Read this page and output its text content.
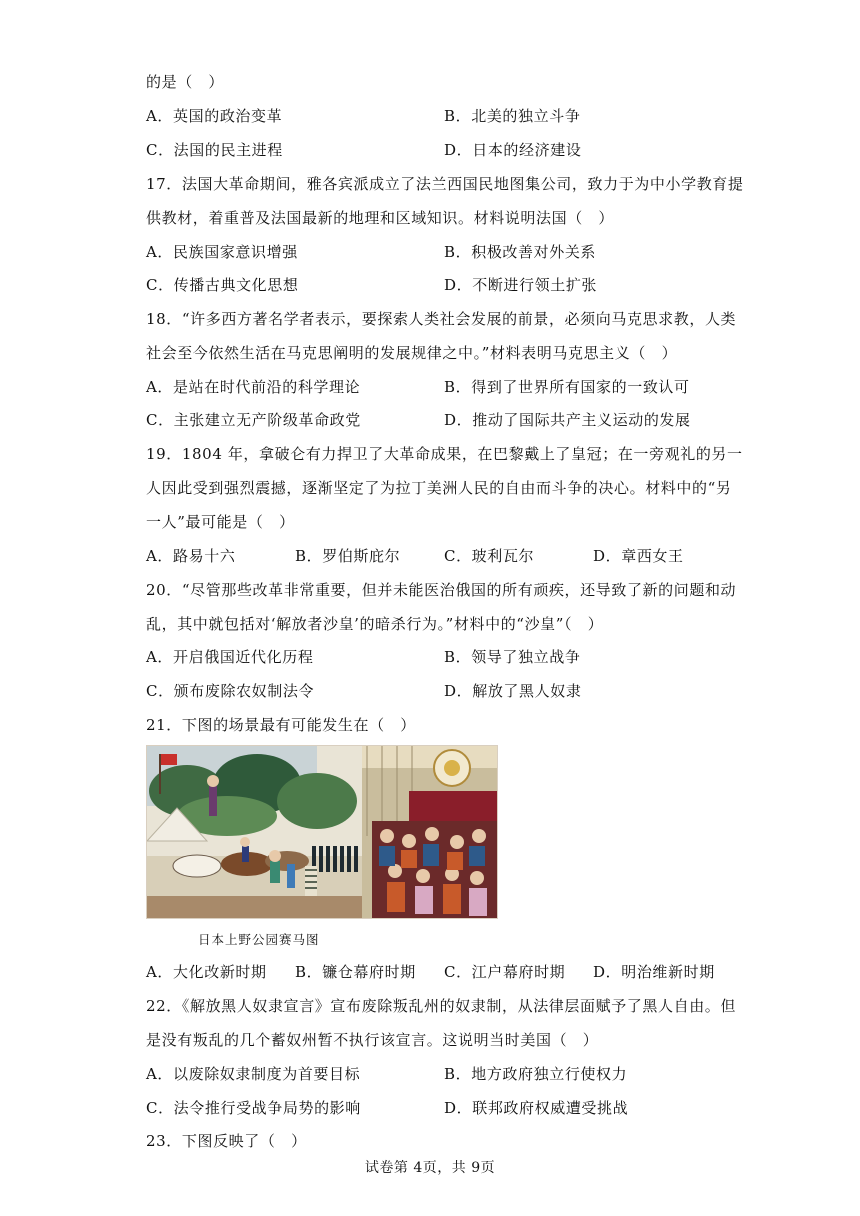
的是（　）
A．英国的政治变革	B．北美的独立斗争
C．法国的民主进程	D．日本的经济建设
17．法国大革命期间，雅各宾派成立了法兰西国民地图集公司，致力于为中小学教育提
供教材，着重普及法国最新的地理和区域知识。材料说明法国（　）
A．民族国家意识增强	B．积极改善对外关系
C．传播古典文化思想	D．不断进行领土扩张
18．“许多西方著名学者表示，要探索人类社会发展的前景，必须向马克思求教，人类
社会至今依然生活在马克思阐明的发展规律之中。”材料表明马克思主义（　）
A．是站在时代前沿的科学理论	B．得到了世界所有国家的一致认可
C．主张建立无产阶级革命政党	D．推动了国际共产主义运动的发展
19．1804 年，拿破仑有力捍卫了大革命成果，在巴黎戴上了皇冠；在一旁观礼的另一
人因此受到强烈震撼，逐渐坚定了为拉丁美洲人民的自由而斗争的决心。材料中的“另
一人”最可能是（　）
A．路易十六	B．罗伯斯庇尔	C．玻利瓦尔	D．章西女王
20．“尽管那些改革非常重要，但并未能医治俄国的所有顽疾，还导致了新的问题和动
乱，其中就包括对‘解放者沙皇’的暗杀行为。”材料中的“沙皇”（　）
A．开启俄国近代化历程	B．领导了独立战争
C．颁布废除农奴制法令	D．解放了黑人奴隶
21．下图的场景最有可能发生在（　）
日本上野公园赛马图
A．大化改新时期 B．镰仓幕府时期 C．江户幕府时期 D．明治维新时期
22．《解放黑人奴隶宣言》宣布废除叛乱州的奴隶制，从法律层面赋予了黑人自由。但
是没有叛乱的几个蓄奴州暂不执行该宣言。这说明当时美国（　）
A．以废除奴隶制度为首要目标	B．地方政府独立行使权力
C．法令推行受战争局势的影响	D．联邦政府权威遭受挑战
23．下图反映了（　）
试卷第 4页，共 9页
